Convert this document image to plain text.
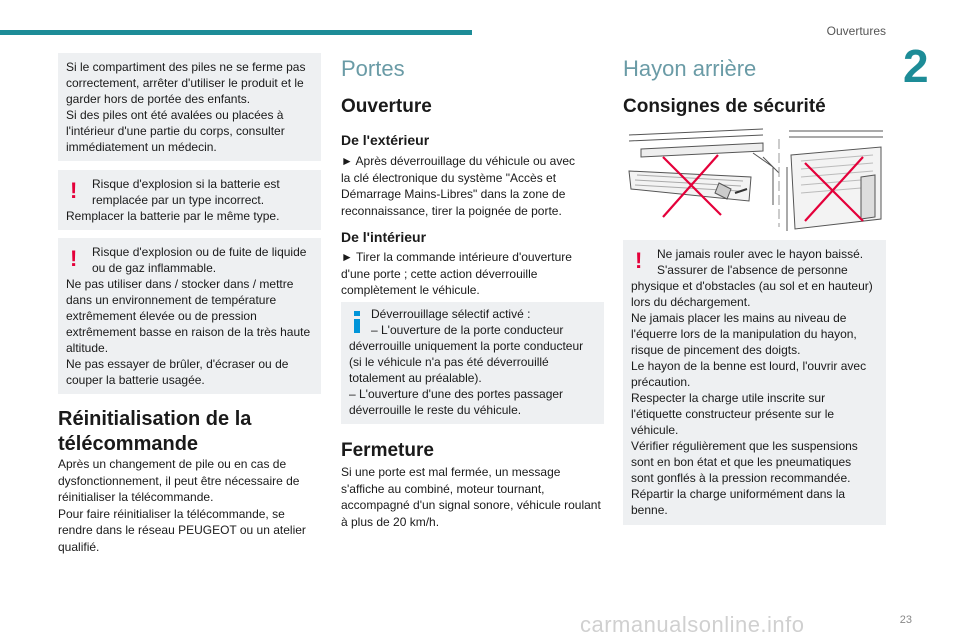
Ouvertures
2

Si le compartiment des piles ne se ferme pas

correctement, arrêter d'utiliser le produit et le

garder hors de portée des enfants.

Si des piles ont été avalées ou placées à

l'intérieur d'une partie du corps, consulter

immédiatement un médecin.

!	Risque d'explosion si la batterie est

remplacée par un type incorrect.

Remplacer la batterie par le même type.

!	Risque d'explosion ou de fuite de liquide

ou de gaz inflammable.

Ne pas utiliser dans / stocker dans / mettre

dans un environnement de température

extrêmement élevée ou de pression

extrêmement basse en raison de la très haute

altitude.

Ne pas essayer de brûler, d'écraser ou de

couper la batterie usagée.

Réinitialisation de la
télécommande
Après un changement de pile ou en cas de
dysfonctionnement, il peut être nécessaire de
réinitialiser la télécommande.
Pour faire réinitialiser la télécommande, se
rendre dans le réseau PEUGEOT ou un atelier
qualifié.
Portes
Ouverture
De l'extérieur
► Après déverrouillage du véhicule ou avec
la clé électronique du système "Accès et
Démarrage Mains-Libres" dans la zone de
reconnaissance, tirer la poignée de porte.
De l'intérieur
► Tirer la commande intérieure d'ouverture
d'une porte ; cette action déverrouille
complètement le véhicule.

Déverrouillage sélectif activé :

– L'ouverture de la porte conducteur

déverrouille uniquement la porte conducteur

(si le véhicule n'a pas été déverrouillé

totalement au préalable).

– L'ouverture d'une des portes passager

déverrouille le reste du véhicule.

Fermeture
Si une porte est mal fermée, un message
s'affiche au combiné, moteur tournant,
accompagné d'un signal sonore, véhicule roulant
à plus de 20 km/h.
Hayon arrière
Consignes de sécurité
!	Ne jamais rouler avec le hayon baissé.

S'assurer de l'absence de personne

physique et d'obstacles (au sol et en hauteur)

lors du déchargement.

Ne jamais placer les mains au niveau de

l'équerre lors de la manipulation du hayon,

risque de pincement des doigts.

Le hayon de la benne est lourd, l'ouvrir avec

précaution.

Respecter la charge utile inscrite sur

l'étiquette constructeur présente sur le

véhicule.

Vérifier régulièrement que les suspensions

sont en bon état et que les pneumatiques

sont gonflés à la pression recommandée.

Répartir la charge uniformément dans la

benne.

23
carmanualsonline.info
